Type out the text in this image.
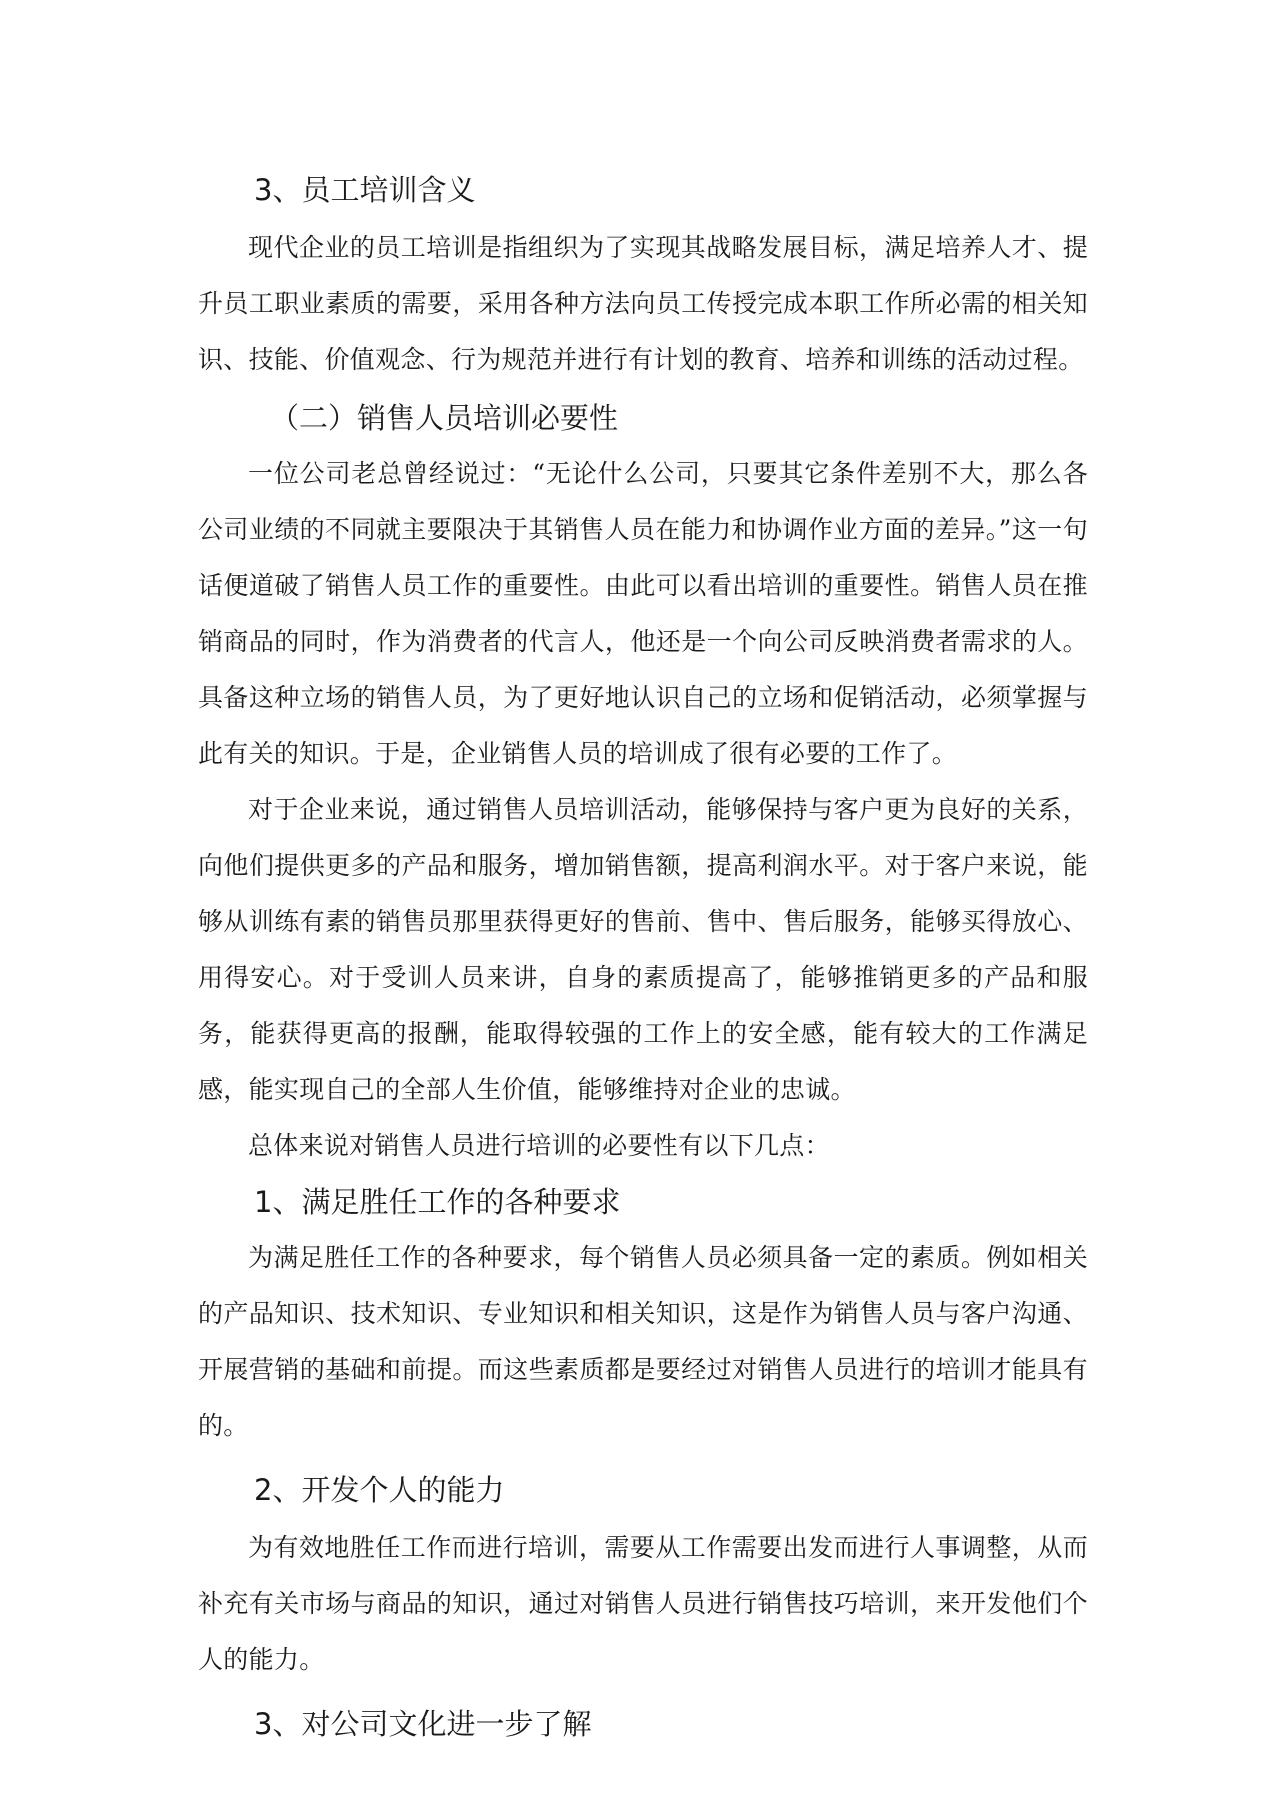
3、员工培训含义

现代企业的员工培训是指组织为了实现其战略发展目标，满足培养人才、提升员工职业素质的需要，采用各种方法向员工传授完成本职工作所必需的相关知识、技能、价值观念、行为规范并进行有计划的教育、培养和训练的活动过程。

（二）销售人员培训必要性

一位公司老总曾经说过：“无论什么公司，只要其它条件差别不大，那么各公司业绩的不同就主要限决于其销售人员在能力和协调作业方面的差异。”这一句话便道破了销售人员工作的重要性。由此可以看出培训的重要性。销售人员在推销商品的同时，作为消费者的代言人，他还是一个向公司反映消费者需求的人。具备这种立场的销售人员，为了更好地认识自己的立场和促销活动，必须掌握与此有关的知识。于是，企业销售人员的培训成了很有必要的工作了。

对于企业来说，通过销售人员培训活动，能够保持与客户更为良好的关系，向他们提供更多的产品和服务，增加销售额，提高利润水平。对于客户来说，能够从训练有素的销售员那里获得更好的售前、售中、售后服务，能够买得放心、用得安心。对于受训人员来讲，自身的素质提高了，能够推销更多的产品和服务，能获得更高的报酬，能取得较强的工作上的安全感，能有较大的工作满足感，能实现自己的全部人生价值，能够维持对企业的忠诚。

总体来说对销售人员进行培训的必要性有以下几点：

1、满足胜任工作的各种要求

为满足胜任工作的各种要求，每个销售人员必须具备一定的素质。例如相关的产品知识、技术知识、专业知识和相关知识，这是作为销售人员与客户沟通、开展营销的基础和前提。而这些素质都是要经过对销售人员进行的培训才能具有的。

2、开发个人的能力

为有效地胜任工作而进行培训，需要从工作需要出发而进行人事调整，从而补充有关市场与商品的知识，通过对销售人员进行销售技巧培训，来开发他们个人的能力。

3、对公司文化进一步了解
